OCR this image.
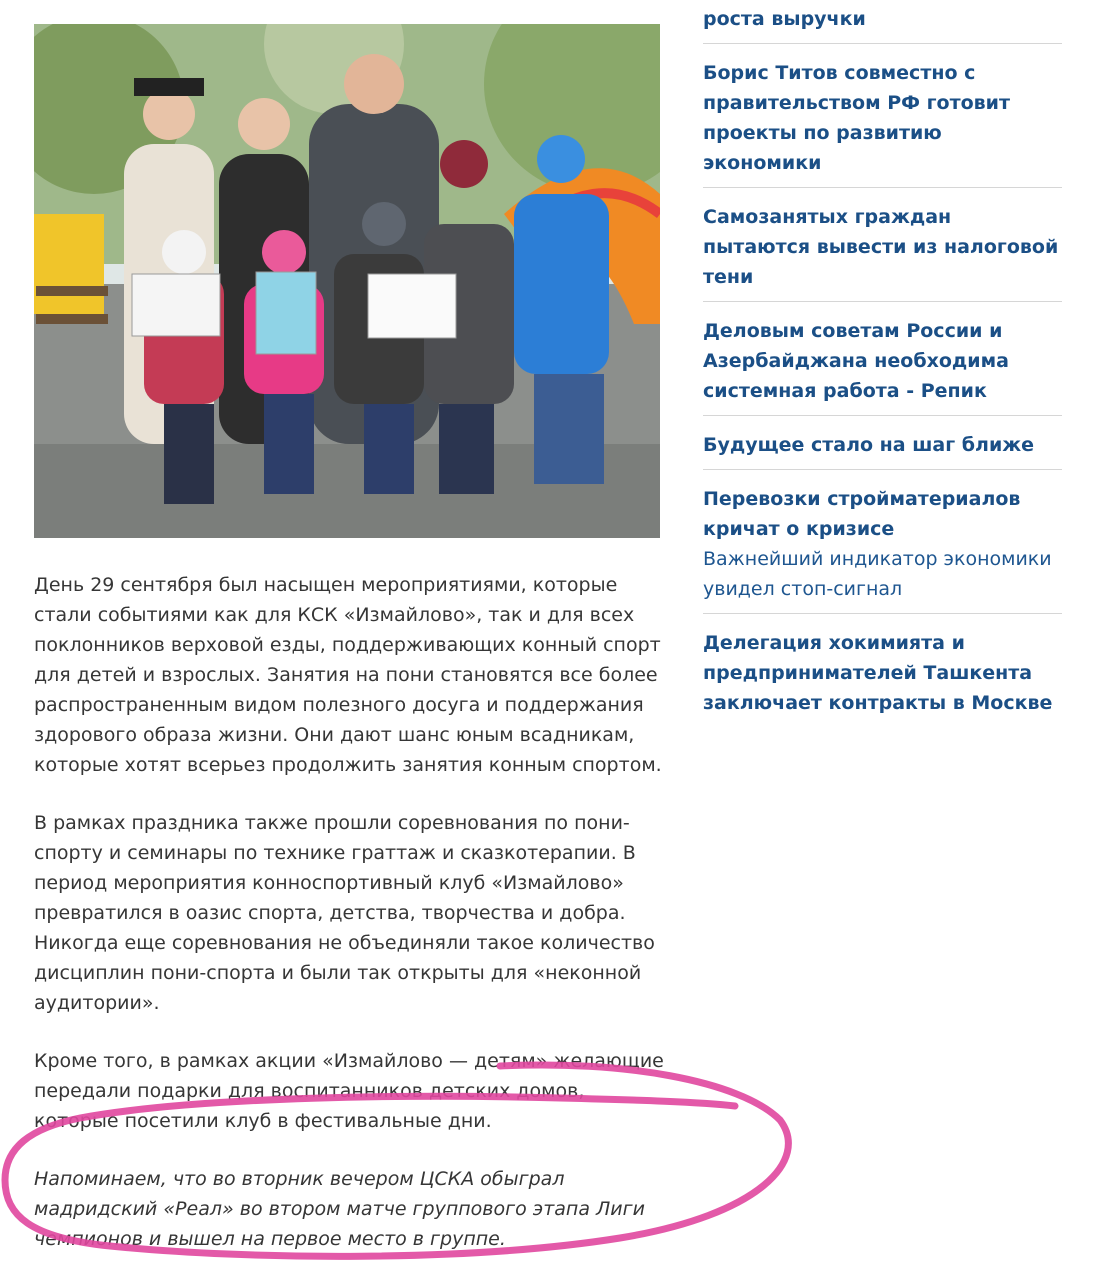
День 29 сентября был насыщен мероприятиями, которые стали событиями как для КСК «Измайлово», так и для всех поклонников верховой езды, поддерживающих конный спорт для детей и взрослых. Занятия на пони становятся все более распространенным видом полезного досуга и поддержания здорового образа жизни. Они дают шанс юным всадникам, которые хотят всерьез продолжить занятия конным спортом.

В рамках праздника также прошли соревнования по пони-спорту и семинары по технике граттаж и сказкотерапии. В период мероприятия конноспортивный клуб «Измайлово» превратился в оазис спорта, детства, творчества и добра. Никогда еще соревнования не объединяли такое количество дисциплин пони-спорта и были так открыты для «неконной аудитории».

Кроме того, в рамках акции «Измайлово — детям» желающие передали подарки для воспитанников детских домов, которые посетили клуб в фестивальные дни.

Напоминаем, что во вторник вечером ЦСКА обыграл мадридский «Реал» во втором матче группового этапа Лиги чемпионов и вышел на первое место в группе.

роста выручки
Борис Титов совместно с правительством РФ готовит проекты по развитию экономики
Самозанятых граждан пытаются вывести из налоговой тени
Деловым советам России и Азербайджана необходима системная работа - Репик
Будущее стало на шаг ближе
Перевозки стройматериалов кричат о кризисе
Важнейший индикатор экономики увидел стоп-сигнал
Делегация хокимията и предпринимателей Ташкента заключает контракты в Москве
